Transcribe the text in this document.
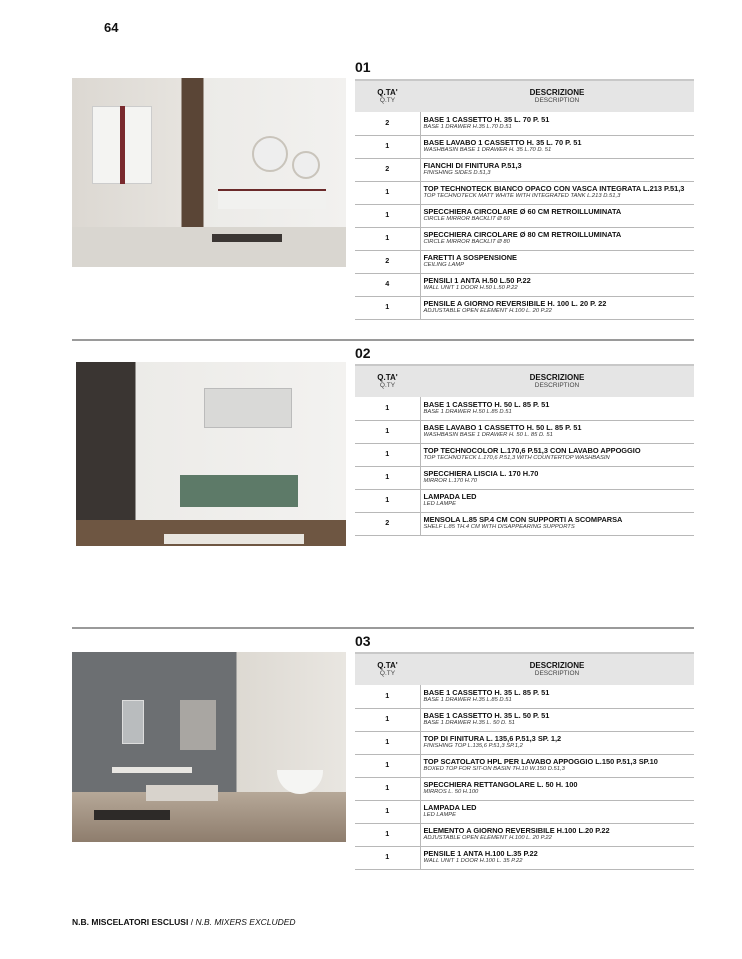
64
01
Q.TA'
Q.TY	DESCRIZIONE
DESCRIPTION

2	BASE 1 CASSETTO H. 35 L. 70 P. 51
BASE 1 DRAWER H.35 L.70 D.51

1	BASE LAVABO 1 CASSETTO H. 35 L. 70 P. 51
WASHBASIN BASE 1 DRAWER H. 35 L.70 D. 51

2	FIANCHI DI FINITURA P.51,3
FINISHING SIDES D.51,3

1	TOP TECHNOTECK BIANCO OPACO CON VASCA INTEGRATA L.213 P.51,3
TOP TECHNOTECK MATT WHITE WITH INTEGRATED TANK L.213 D.51,3

1	SPECCHIERA CIRCOLARE Ø 60 CM RETROILLUMINATA
CIRCLE MIRROR BACKLIT Ø 60

1	SPECCHIERA CIRCOLARE Ø 80 CM RETROILLUMINATA
CIRCLE MIRROR BACKLIT Ø 80

2	FARETTI A SOSPENSIONE
CEILING LAMP

4	PENSILI 1 ANTA H.50 L.50 P.22
WALL UNIT 1 DOOR H.50 L.50 P.22

1	PENSILE A GIORNO REVERSIBILE H. 100 L. 20 P. 22
ADJUSTABLE OPEN ELEMENT H.100 L. 20 P.22
02
Q.TA'
Q.TY	DESCRIZIONE
DESCRIPTION

1	BASE 1 CASSETTO H. 50 L. 85 P. 51
BASE 1 DRAWER H.50 L.85 D.51

1	BASE LAVABO 1 CASSETTO H. 50 L. 85 P. 51
WASHBASIN BASE 1 DRAWER H. 50 L. 85 D. 51

1	TOP TECHNOCOLOR L.170,6 P.51,3 CON LAVABO APPOGGIO
TOP TECHNOTECK L.170,6 P.51,3 WITH COUNTERTOP WASHBASIN

1	SPECCHIERA LISCIA L. 170 H.70
MIRROR L.170 H.70

1	LAMPADA LED
LED LAMPE

2	MENSOLA L.85 SP.4 CM CON SUPPORTI A SCOMPARSA
SHELF L.85 TH.4 CM WITH DISAPPEARING SUPPORTS
03
Q.TA'
Q.TY	DESCRIZIONE
DESCRIPTION

1	BASE 1 CASSETTO H. 35 L. 85 P. 51
BASE 1 DRAWER H.35 L.85 D.51

1	BASE 1 CASSETTO H. 35 L. 50 P. 51
BASE 1 DRAWER H.35 L. 50 D. 51

1	TOP DI FINITURA L. 135,6 P.51,3 SP. 1,2
FINISHING TOP L.135,6 P.51,3 SP.1,2

1	TOP SCATOLATO HPL PER LAVABO APPOGGIO L.150 P.51,3 SP.10
BOXED TOP FOR SIT-ON BASIN TH.10 W.150 D.51,3

1	SPECCHIERA RETTANGOLARE L. 50 H. 100
MIRROS L. 50 H.100

1	LAMPADA LED
LED LAMPE

1	ELEMENTO A GIORNO REVERSIBILE H.100 L.20 P.22
ADJUSTABLE OPEN ELEMENT H.100 L. 20 P.22

1	PENSILE 1 ANTA H.100 L.35 P.22
WALL UNIT 1 DOOR H.100 L. 35 P.22
N.B. MISCELATORI ESCLUSI / N.B. MIXERS EXCLUDED
